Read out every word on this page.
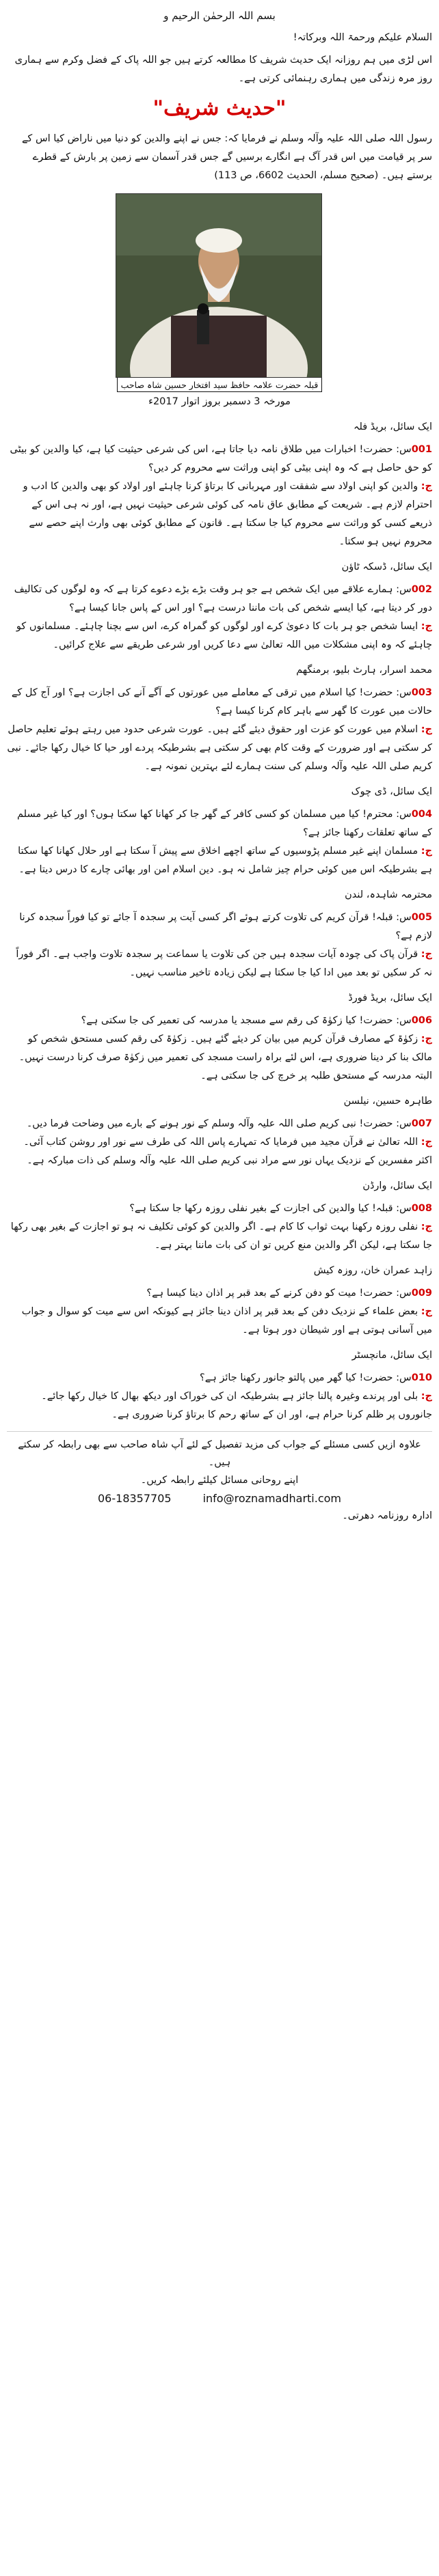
بسم اللہ الرحمٰن الرحیم و

السلام علیکم ورحمۃ اللہ وبرکاتہ!

اس لڑی میں ہم روزانہ ایک حدیث شریف کا مطالعہ کرتے ہیں جو اللہ پاک کے فضل وکرم سے ہماری روز مرہ زندگی میں ہماری رہنمائی کرتی ہے۔

"حدیث شریف"

رسول اللہ صلی اللہ علیہ وآلہ وسلم نے فرمایا کہ: جس نے اپنے والدین کو دنیا میں ناراض کیا اس کے سر پر قیامت میں اس قدر آگ ہے انگارے برسیں گے جس قدر آسمان سے زمین پر بارش کے قطرے برستے ہیں۔ (صحیح مسلم، الحدیث 6602، ص 113)

قبلہ حضرت علامہ حافظ سید افتخار حسین شاہ صاحب
مورخہ 3 دسمبر بروز اتوار 2017ء

ایک سائل، بریڈ فلہ

001س: حضرت! اخبارات میں طلاق نامہ دیا جاتا ہے، اس کی شرعی حیثیت کیا ہے، کیا والدین کو بیٹی کو حق حاصل ہے کہ وہ اپنی بیٹی کو اپنی وراثت سے محروم کر دیں؟

ج: والدین کو اپنی اولاد سے شفقت اور مہربانی کا برتاؤ کرنا چاہئے اور اولاد کو بھی والدین کا ادب و احترام لازم ہے۔ شریعت کے مطابق عاق نامہ کی کوئی شرعی حیثیت نہیں ہے، اور نہ ہی اس کے ذریعے کسی کو وراثت سے محروم کیا جا سکتا ہے۔ قانون کے مطابق کوئی بھی وارث اپنے حصے سے محروم نہیں ہو سکتا۔

ایک سائل، ڈسکہ ٹاؤن

002س: ہمارے علاقے میں ایک شخص ہے جو ہر وقت بڑے بڑے دعوے کرتا ہے کہ وہ لوگوں کی تکالیف دور کر دیتا ہے، کیا ایسے شخص کی بات ماننا درست ہے؟ اور اس کے پاس جانا کیسا ہے؟

ج: ایسا شخص جو ہر بات کا دعویٰ کرے اور لوگوں کو گمراہ کرے، اس سے بچنا چاہئے۔ مسلمانوں کو چاہئے کہ وہ اپنی مشکلات میں اللہ تعالیٰ سے دعا کریں اور شرعی طریقے سے علاج کرائیں۔

محمد اسرار، ہارٹ بلیو، برمنگھم

003س: حضرت! کیا اسلام میں ترقی کے معاملے میں عورتوں کے آگے آنے کی اجازت ہے؟ اور آج کل کے حالات میں عورت کا گھر سے باہر کام کرنا کیسا ہے؟

ج: اسلام میں عورت کو عزت اور حقوق دیئے گئے ہیں۔ عورت شرعی حدود میں رہتے ہوئے تعلیم حاصل کر سکتی ہے اور ضرورت کے وقت کام بھی کر سکتی ہے بشرطیکہ پردے اور حیا کا خیال رکھا جائے۔ نبی کریم صلی اللہ علیہ وآلہ وسلم کی سنت ہمارے لئے بہترین نمونہ ہے۔

ایک سائل، ڈی چوک

004س: محترم! کیا میں مسلمان کو کسی کافر کے گھر جا کر کھانا کھا سکتا ہوں؟ اور کیا غیر مسلم کے ساتھ تعلقات رکھنا جائز ہے؟

ج: مسلمان اپنے غیر مسلم پڑوسیوں کے ساتھ اچھے اخلاق سے پیش آ سکتا ہے اور حلال کھانا کھا سکتا ہے بشرطیکہ اس میں کوئی حرام چیز شامل نہ ہو۔ دین اسلام امن اور بھائی چارے کا درس دیتا ہے۔

محترمہ شاہدہ، لندن

005س: قبلہ! قرآن کریم کی تلاوت کرتے ہوئے اگر کسی آیت پر سجدہ آ جائے تو کیا فوراً سجدہ کرنا لازم ہے؟

ج: قرآن پاک کی چودہ آیات سجدہ ہیں جن کی تلاوت یا سماعت پر سجدہ تلاوت واجب ہے۔ اگر فوراً نہ کر سکیں تو بعد میں ادا کیا جا سکتا ہے لیکن زیادہ تاخیر مناسب نہیں۔

ایک سائل، بریڈ فورڈ

006س: حضرت! کیا زکوٰۃ کی رقم سے مسجد یا مدرسہ کی تعمیر کی جا سکتی ہے؟

ج: زکوٰۃ کے مصارف قرآن کریم میں بیان کر دیئے گئے ہیں۔ زکوٰۃ کی رقم کسی مستحق شخص کو مالک بنا کر دینا ضروری ہے، اس لئے براہ راست مسجد کی تعمیر میں زکوٰۃ صرف کرنا درست نہیں۔ البتہ مدرسہ کے مستحق طلبہ پر خرچ کی جا سکتی ہے۔

طاہرہ حسین، نیلسن

007س: حضرت! نبی کریم صلی اللہ علیہ وآلہ وسلم کے نور ہونے کے بارے میں وضاحت فرما دیں۔

ج: اللہ تعالیٰ نے قرآن مجید میں فرمایا کہ تمہارے پاس اللہ کی طرف سے نور اور روشن کتاب آئی۔ اکثر مفسرین کے نزدیک یہاں نور سے مراد نبی کریم صلی اللہ علیہ وآلہ وسلم کی ذات مبارکہ ہے۔

ایک سائل، وارڈن

008س: قبلہ! کیا والدین کی اجازت کے بغیر نفلی روزہ رکھا جا سکتا ہے؟

ج: نفلی روزہ رکھنا بہت ثواب کا کام ہے۔ اگر والدین کو کوئی تکلیف نہ ہو تو اجازت کے بغیر بھی رکھا جا سکتا ہے، لیکن اگر والدین منع کریں تو ان کی بات ماننا بہتر ہے۔

زاہد عمران خان، روزہ کیش

009س: حضرت! میت کو دفن کرنے کے بعد قبر پر اذان دینا کیسا ہے؟

ج: بعض علماء کے نزدیک دفن کے بعد قبر پر اذان دینا جائز ہے کیونکہ اس سے میت کو سوال و جواب میں آسانی ہوتی ہے اور شیطان دور ہوتا ہے۔

ایک سائل، مانچسٹر

010س: حضرت! کیا گھر میں پالتو جانور رکھنا جائز ہے؟

ج: بلی اور پرندے وغیرہ پالنا جائز ہے بشرطیکہ ان کی خوراک اور دیکھ بھال کا خیال رکھا جائے۔ جانوروں پر ظلم کرنا حرام ہے، اور ان کے ساتھ رحم کا برتاؤ کرنا ضروری ہے۔

علاوہ ازیں کسی مسئلے کے جواب کی مزید تفصیل کے لئے آپ شاہ صاحب سے بھی رابطہ کر سکتے ہیں۔

اپنے روحانی مسائل کیلئے رابطہ کریں۔

info@roznamadharti.com
06-18357705

ادارہ روزنامہ دھرتی۔
